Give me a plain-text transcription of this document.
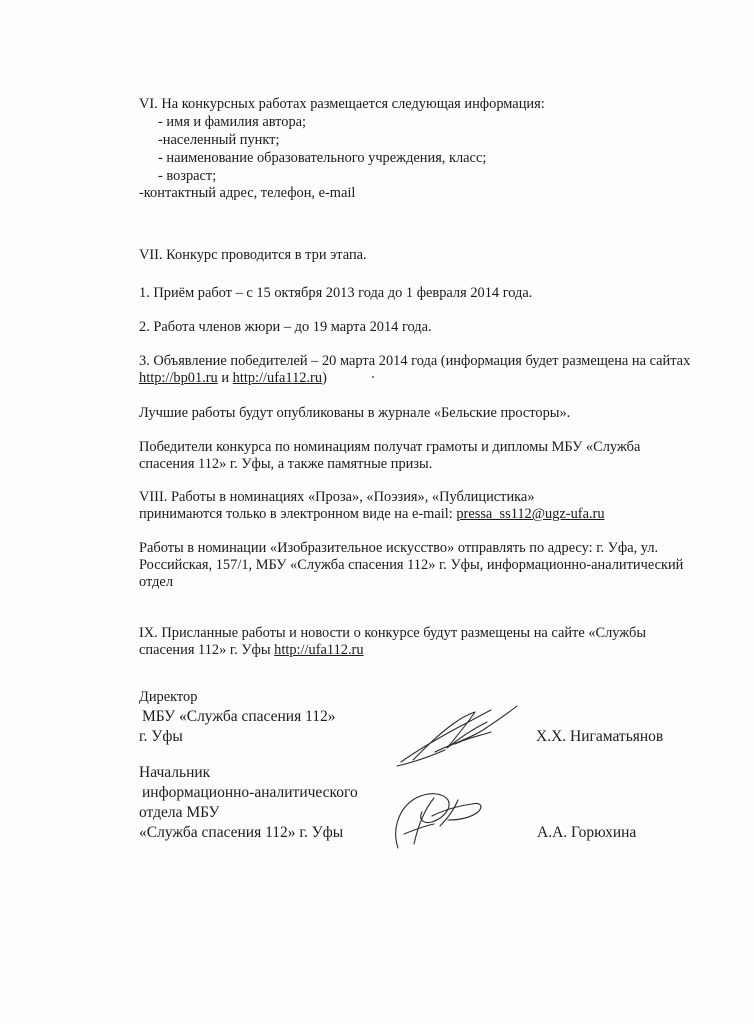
VI. На конкурсных работах размещается следующая информация:
- имя и фамилия автора;
-населенный пункт;
- наименование образовательного учреждения, класс;
- возраст;
-контактный адрес, телефон, e-mail
VII. Конкурс проводится в три этапа.
1. Приём работ – с 15 октября 2013 года до 1 февраля 2014 года.
2. Работа членов жюри – до 19 марта 2014 года.
3. Объявление победителей – 20 марта 2014 года (информация будет размещена на сайтах
http://bp01.ru и http://ufa112.ru)
Лучшие работы будут опубликованы в журнале «Бельские просторы».
Победители конкурса по номинациям получат грамоты и дипломы МБУ «Служба
спасения 112» г. Уфы, а также памятные призы.
VIII. Работы в номинациях «Проза», «Поэзия», «Публицистика»
принимаются только в электронном виде на e-mail: pressa_ss112@ugz-ufa.ru
Работы в номинации «Изобразительное искусство» отправлять по адресу: г. Уфа, ул.
Российская, 157/1, МБУ «Служба спасения 112» г. Уфы, информационно-аналитический
отдел
IX. Присланные работы и новости о конкурсе будут размещены на сайте «Службы
спасения 112» г. Уфы http://ufa112.ru
Директор
МБУ «Служба спасения 112»
г. Уфы	Х.Х. Нигаматьянов
Начальник
информационно-аналитического
отдела МБУ
«Служба спасения 112» г. Уфы	А.А. Горюхина
